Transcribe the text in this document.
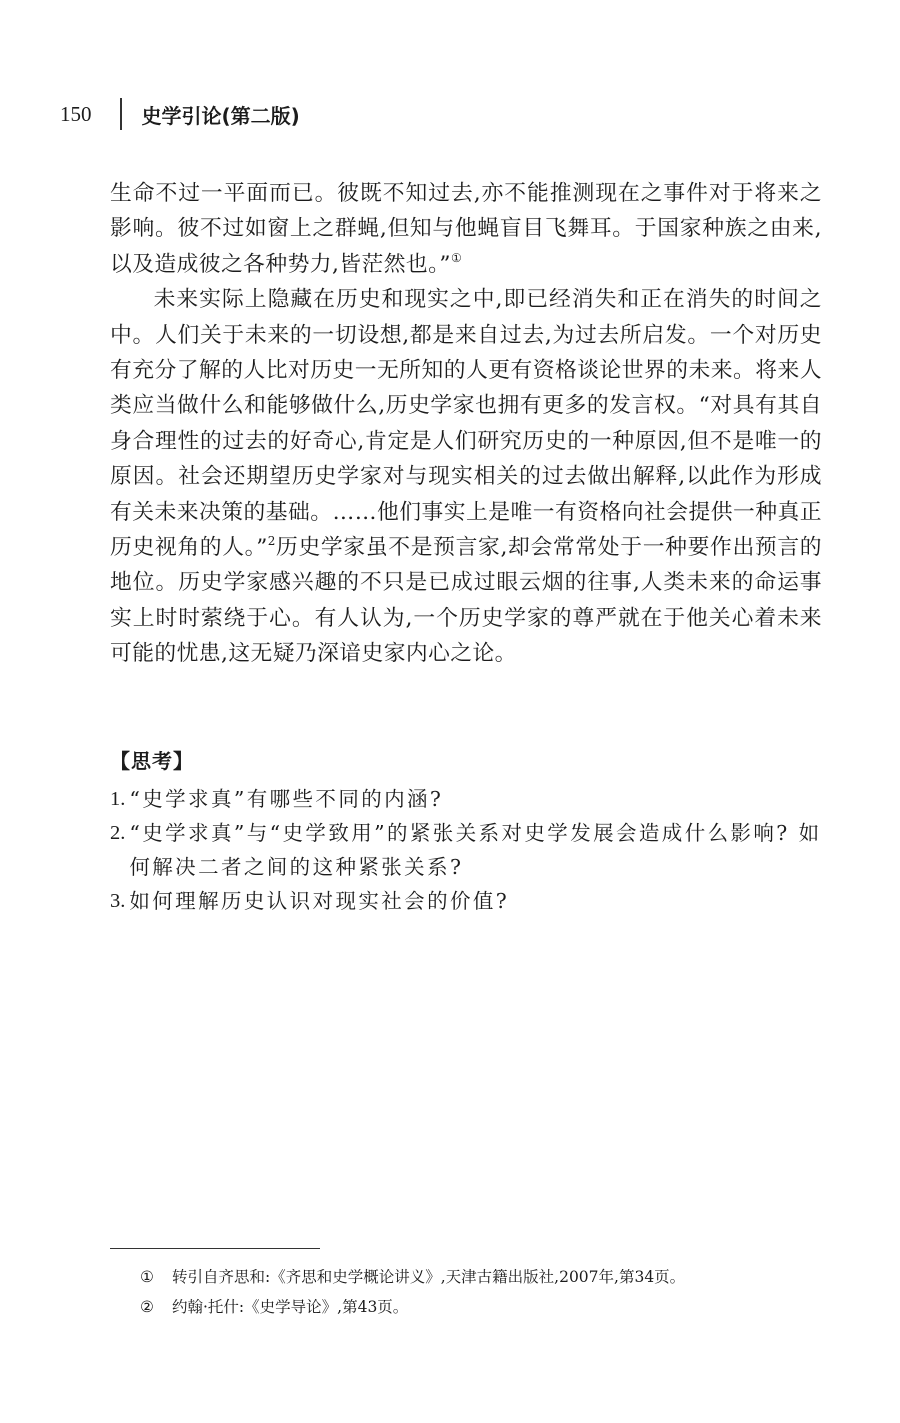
150	史学引论(第二版)

生命不过一平面而已。彼既不知过去,亦不能推测现在之事件对于将来之影响。彼不过如窗上之群蝇,但知与他蝇盲目飞舞耳。于国家种族之由来,以及造成彼之各种势力,皆茫然也。”①

未来实际上隐藏在历史和现实之中,即已经消失和正在消失的时间之中。人们关于未来的一切设想,都是来自过去,为过去所启发。一个对历史有充分了解的人比对历史一无所知的人更有资格谈论世界的未来。将来人类应当做什么和能够做什么,历史学家也拥有更多的发言权。“对具有其自身合理性的过去的好奇心,肯定是人们研究历史的一种原因,但不是唯一的原因。社会还期望历史学家对与现实相关的过去做出解释,以此作为形成有关未来决策的基础。……他们事实上是唯一有资格向社会提供一种真正历史视角的人。”$^2$历史学家虽不是预言家,却会常常处于一种要作出预言的地位。历史学家感兴趣的不只是已成过眼云烟的往事,人类未来的命运事实上时时萦绕于心。有人认为,一个历史学家的尊严就在于他关心着未来可能的忧患,这无疑乃深谙史家内心之论。

【思考】
1. “史学求真”有哪些不同的内涵?
2. “史学求真”与“史学致用”的紧张关系对史学发展会造成什么影响? 如何解决二者之间的这种紧张关系?
3. 如何理解历史认识对现实社会的价值?
①	转引自齐思和:《齐思和史学概论讲义》,天津古籍出版社,2007年,第34页。
②	约翰·托什:《史学导论》,第43页。
